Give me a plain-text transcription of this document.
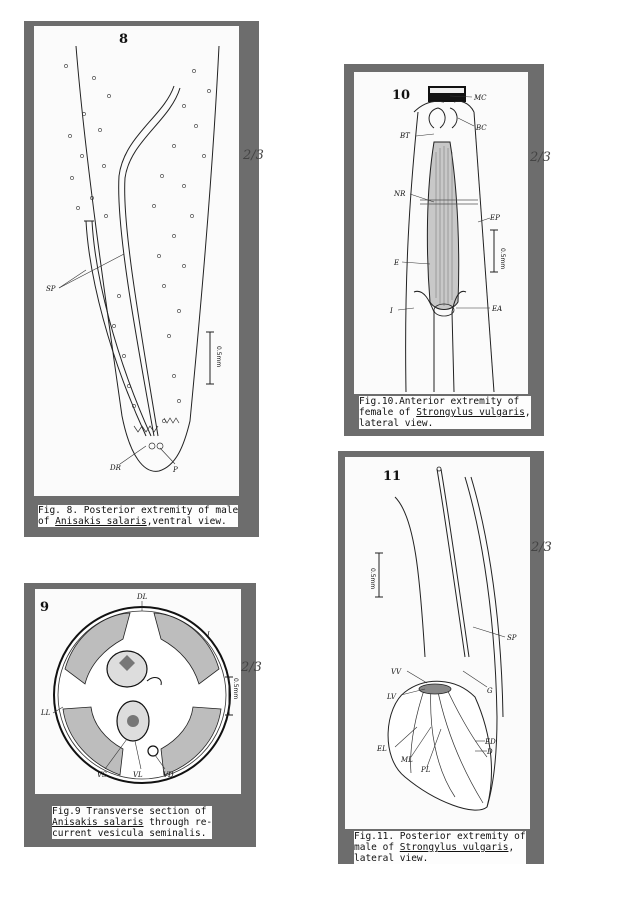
8
SP
DR	P
0.5mm
Fig. 8. Posterior extremity of male
of Anisakis salaris,ventral view.
2/3
10	MC
BC
BT
NR
EP
E
EA
I
0.5mm
Fig.10.Anterior extremity of
female of Strongylus vulgaris,
lateral view.
2/3
9
DL
I
LL
VS	VL	VD
0.5mm
Fig.9 Transverse section of
Anisakis salaris through re-
current vesicula seminalis.
2/3
11
SP
VV
G
LV
ED
D
EL
ML
PL
0.5mm
Fig.11. Posterior extremity of
male of Strongylus vulgaris,
lateral view.
2/3
